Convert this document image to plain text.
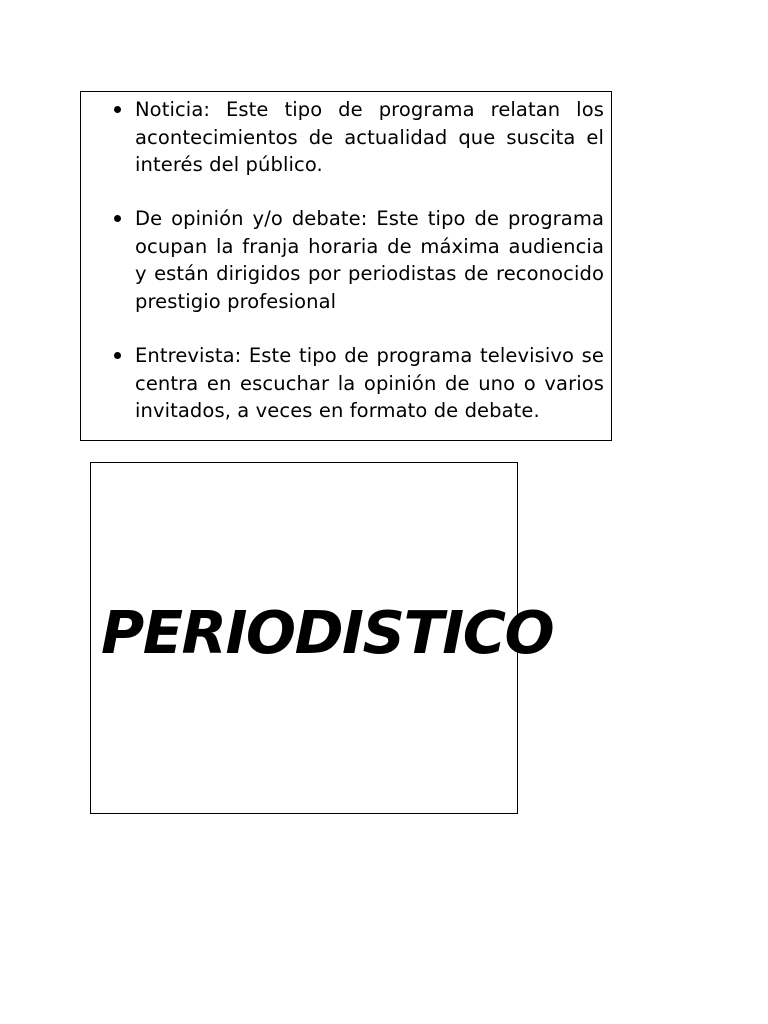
Noticia: Este tipo de programa relatan los acontecimientos de actualidad que suscita el interés del público.
De opinión y/o debate: Este tipo de programa ocupan la franja horaria de máxima audiencia y están dirigidos por periodistas de reconocido prestigio profesional
Entrevista: Este tipo de programa televisivo se centra en escuchar la opinión de uno o varios invitados, a veces en formato de debate.
PERIODISTICO
